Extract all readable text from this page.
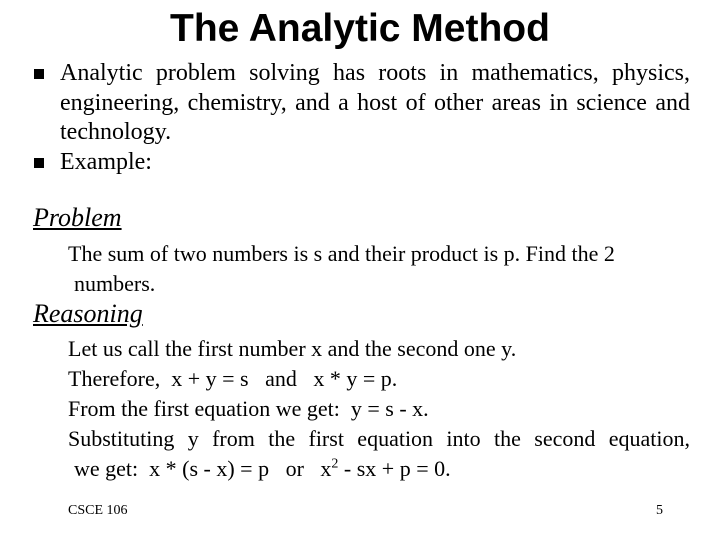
The Analytic Method
Analytic problem solving has roots in mathematics, physics, engineering, chemistry, and a host of other areas in science and technology.
Example:
Problem
The sum of two numbers is s and their product is p. Find the 2
numbers.
Reasoning
Let us call the first number x and the second one y.
Therefore,  x + y = s   and   x * y = p.
From the first equation we get:  y = s - x.
Substituting y from the first equation into the second equation,
we get:  x * (s - x) = p   or   $x^2$ - sx + p = 0.
CSCE 106	5
